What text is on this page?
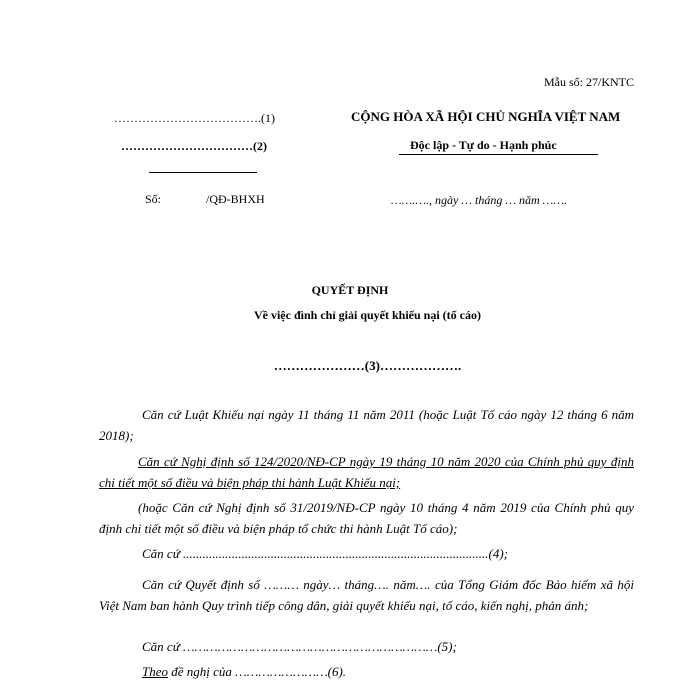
Mẫu số: 27/KNTC
……………………………….(1)
……………………………(2)
CỘNG HÒA XÃ HỘI CHỦ NGHĨA VIỆT NAM
Độc lập - Tự do - Hạnh phúc
Số:	/QĐ-BHXH	…….…., ngày … tháng … năm …….
QUYẾT ĐỊNH
Về việc đình chỉ giải quyết khiếu nại (tố cáo)
…………………(3)……………….
Căn cứ Luật Khiếu nại ngày 11 tháng 11 năm 2011 (hoặc Luật Tố cáo ngày 12 tháng 6 năm 2018);
Căn cứ Nghị định số 124/2020/NĐ-CP ngày 19 tháng 10 năm 2020 của Chính phủ quy định chi tiết một số điều và biện pháp thi hành Luật Khiếu nại;
(hoặc Căn cứ Nghị định số 31/2019/NĐ-CP ngày 10 tháng 4 năm 2019 của Chính phủ quy định chi tiết một số điều và biện pháp tổ chức thi hành Luật Tố cáo);
Căn cứ ..............................................................................................(4);
Căn cứ Quyết định số ……… ngày… tháng…. năm…. của Tổng Giám đốc Bảo hiểm xã hội Việt Nam ban hành Quy trình tiếp công dân, giải quyết khiếu nại, tố cáo, kiến nghị, phản ánh;
Căn cứ …………………………………………………………(5);
Theo đề nghị của ……………………(6).
